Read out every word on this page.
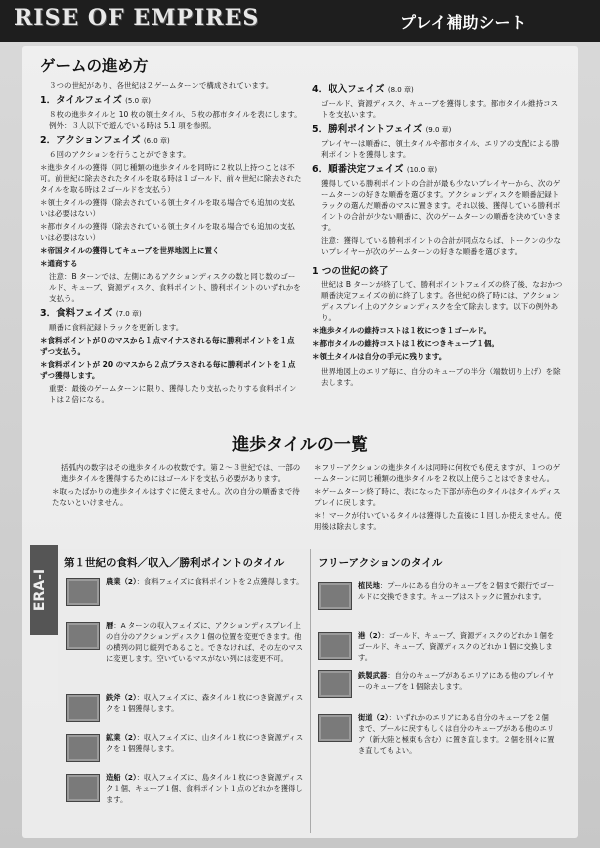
RISE OF EMPIRES	プレイ補助シート
ゲームの進め方
３つの世紀があり、各世紀は２ゲームターンで構成されています。
1．タイルフェイズ (5.0 章)
８枚の進歩タイルと 10 枚の領土タイル、５枚の都市タイルを表にします。例外：３人以下で遊んでいる時は 5.1 項を参照。
2．アクションフェイズ (6.0 章)
６回のアクションを行うことができます。
＊進歩タイルの獲得（同じ種類の進歩タイルを同時に２枚以上持つことは不可。前世紀に除去されたタイルを取る時は１ゴールド、前々世紀に除去されたタイルを取る時は２ゴールドを支払う）
＊領土タイルの獲得（除去されている領土タイルを取る場合でも追加の支払いは必要はない）
＊都市タイルの獲得（除去されている領土タイルを取る場合でも追加の支払いは必要はない）
＊帝国タイルの獲得してキューブを世界地図上に置く
＊通商する
注意：B ターンでは、左側にあるアクションディスクの数と同じ数のゴールド、キューブ、資源ディスク、食料ポイント、勝利ポイントのいずれかを支払う。
3．食料フェイズ (7.0 章)
順番に食料記録トラックを更新します。
＊食料ポイントが０のマスから１点マイナスされる毎に勝利ポイントを１点ずつ支払う。
＊食料ポイントが 20 のマスから２点プラスされる毎に勝利ポイントを１点ずつ獲得します。
重要：最後のゲームターンに限り、獲得したり支払ったりする食料ポイントは２倍になる。
4．収入フェイズ (8.0 章)
ゴールド、資源ディスク、キューブを獲得します。都市タイル維持コストを支払います。
5．勝利ポイントフェイズ (9.0 章)
プレイヤーは順番に、領土タイルや都市タイル、エリアの支配による勝利ポイントを獲得します。
6．順番決定フェイズ (10.0 章)
獲得している勝利ポイントの合計が最も少ないプレイヤーから、次のゲームターンの好きな順番を選びます。アクションディスクを順番記録トラックの選んだ順番のマスに置きます。それ以後、獲得している勝利ポイントの合計が少ない順番に、次のゲームターンの順番を決めていきます。
注意：獲得している勝利ポイントの合計が同点ならば、トークンの少ないプレイヤーが次のゲームターンの好きな順番を選びます。
1 つの世紀の終了
世紀は B ターンが終了して、勝利ポイントフェイズの終了後、なおかつ順番決定フェイズの前に終了します。各世紀の終了時には、アクションディスプレイ上のアクションディスクを全て除去します。以下の例外あり。
＊進歩タイルの維持コストは１枚につき１ゴールド。
＊都市タイルの維持コストは１枚につきキューブ１個。
＊領土タイルは自分の手元に残ります。
世界地図上のエリア毎に、自分のキューブの半分（端数切り上げ）を除去します。
進歩タイルの一覧
括弧内の数字はその進歩タイルの枚数です。第２〜３世紀では、一部の進歩タイルを獲得するためにはゴールドを支払う必要があります。
＊取ったばかりの進歩タイルはすぐに使えません。次の自分の順番まで待たないといけません。
＊フリーアクションの進歩タイルは同時に何枚でも使えますが、１つのゲームターンに同じ種類の進歩タイルを２枚以上使うことはできません。
＊ゲームターン終了時に、表になった下部が赤色のタイルはタイルディスプレイに戻します。
＊！マークが付いているタイルは獲得した直後に１回しか使えません。使用後は除去します。
ERA-I
第１世紀の食料／収入／勝利ポイントのタイル	フリーアクションのタイル
農業（2）：食料フェイズに食料ポイントを２点獲得します。
暦：A ターンの収入フェイズに、アクションディスプレイ上の自分のアクションディスク１個の位置を変更できます。他の横列の同じ縦列であること。できなければ、その左のマスに変更します。空いているマスがない列には変更不可。
鉄斧（2）：収入フェイズに、森タイル１枚につき資源ディスクを１個獲得します。
鉱業（2）：収入フェイズに、山タイル１枚につき資源ディスクを１個獲得します。
造船（2）：収入フェイズに、島タイル１枚につき資源ディスク１個、キューブ１個、食料ポイント１点のどれかを獲得します。
植民地：プールにある自分のキューブを２個まで銀行でゴールドに交換できます。キューブはストックに置かれます。
港（2）：ゴールド、キューブ、資源ディスクのどれか１個をゴールド、キューブ、資源ディスクのどれか１個に交換します。
鉄製武器：自分のキューブがあるエリアにある他のプレイヤーのキューブを１個除去します。
街道（2）：いずれかのエリアにある自分のキューブを２個まで、プールに戻すもしくは自分のキューブがある他のエリア（新大陸と極東も含む）に置き直します。２個を別々に置き直してもよい。
